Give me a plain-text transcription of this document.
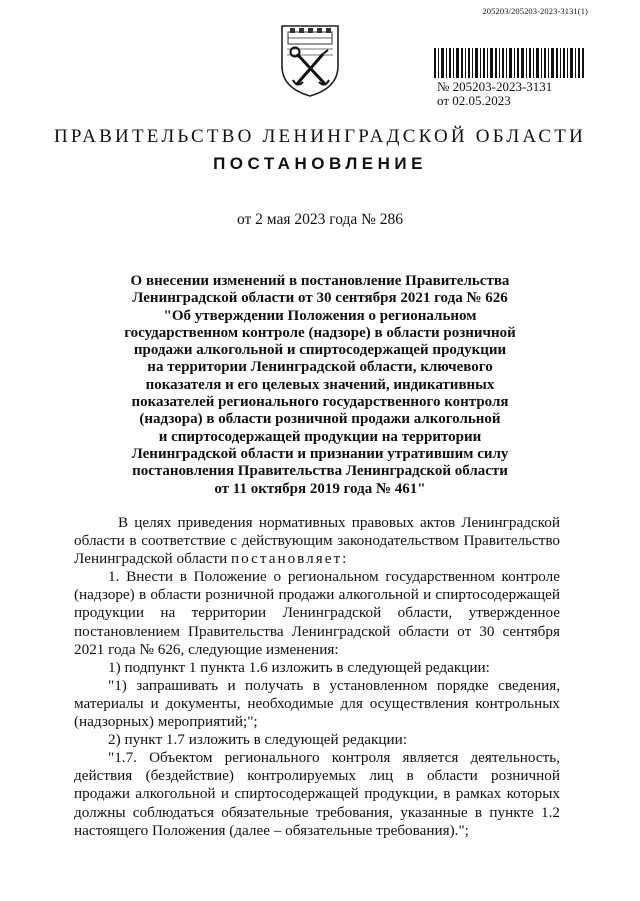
205203/205203-2023-3131(1)
№ 205203-2023-3131
от 02.05.2023
ПРАВИТЕЛЬСТВО ЛЕНИНГРАДСКОЙ ОБЛАСТИ
ПОСТАНОВЛЕНИЕ
от 2 мая 2023 года № 286
О внесении изменений в постановление Правительства
Ленинградской области от 30 сентября 2021 года № 626
"Об утверждении Положения о региональном
государственном контроле (надзоре) в области розничной
продажи алкогольной и спиртосодержащей продукции
на территории Ленинградской области, ключевого
показателя и его целевых значений, индикативных
показателей регионального государственного контроля
(надзора) в области розничной продажи алкогольной
и спиртосодержащей продукции на территории
Ленинградской области и признании утратившим силу
постановления Правительства Ленинградской области
от 11 октября 2019 года № 461"

В целях приведения нормативных правовых актов Ленинградской области в соответствие с действующим законодательством Правительство Ленинградской области постановляет:

1. Внести в Положение о региональном государственном контроле (надзоре) в области розничной продажи алкогольной и спиртосодержащей продукции на территории Ленинградской области, утвержденное постановлением Правительства Ленинградской области от 30 сентября 2021 года № 626, следующие изменения:

1) подпункт 1 пункта 1.6 изложить в следующей редакции:

"1) запрашивать и получать в установленном порядке сведения, материалы и документы, необходимые для осуществления контрольных (надзорных) мероприятий;";

2) пункт 1.7 изложить в следующей редакции:

"1.7. Объектом регионального контроля является деятельность, действия (бездействие) контролируемых лиц в области розничной продажи алкогольной и спиртосодержащей продукции, в рамках которых должны соблюдаться обязательные требования, указанные в пункте 1.2 настоящего Положения (далее – обязательные требования).";
